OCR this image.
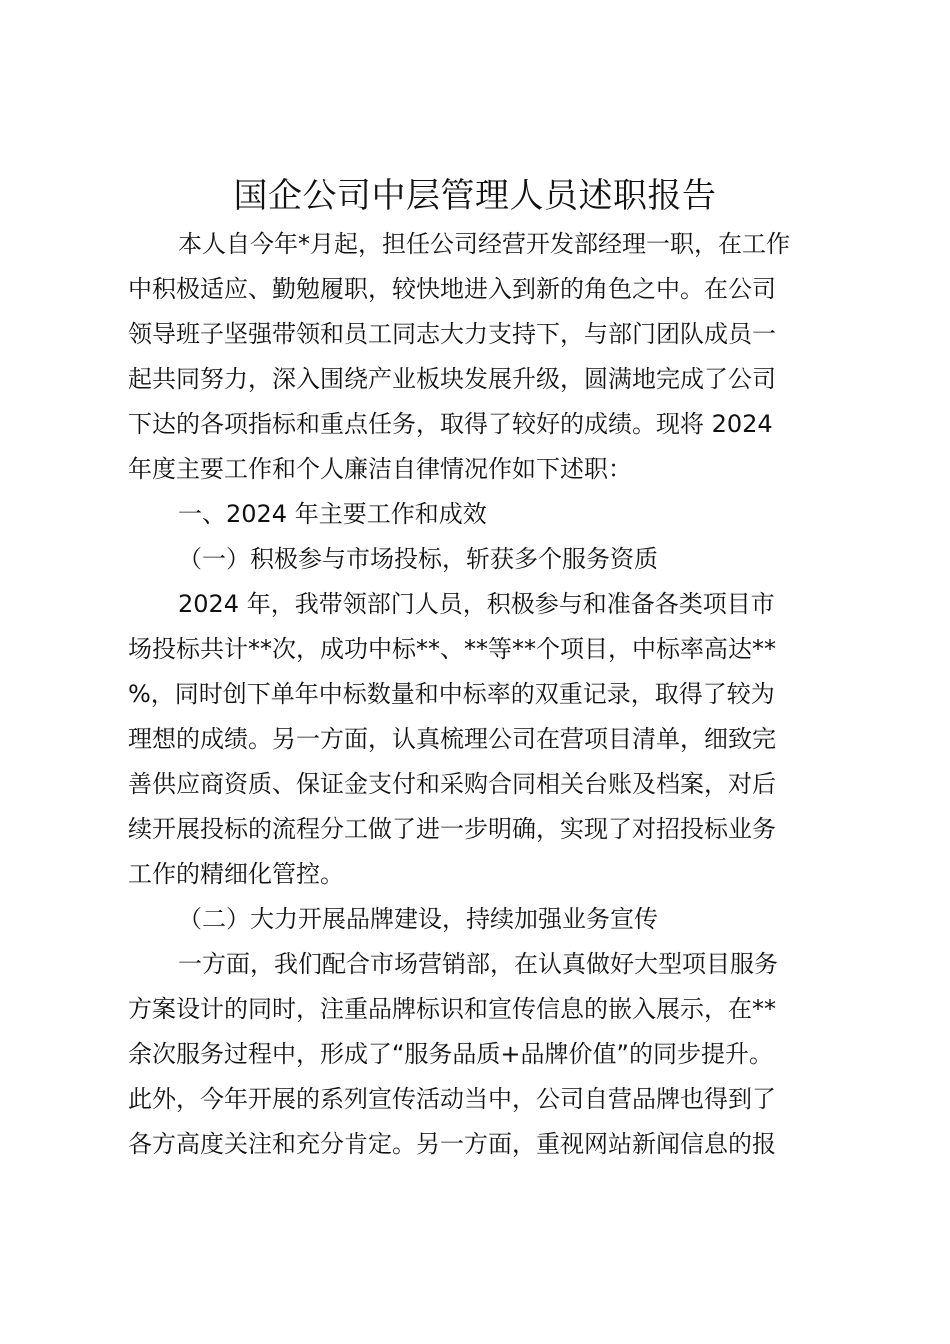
国企公司中层管理人员述职报告

本人自今年*月起，担任公司经营开发部经理一职，在工作

中积极适应、勤勉履职，较快地进入到新的角色之中。在公司

领导班子坚强带领和员工同志大力支持下，与部门团队成员一

起共同努力，深入围绕产业板块发展升级，圆满地完成了公司

下达的各项指标和重点任务，取得了较好的成绩。现将 2024

年度主要工作和个人廉洁自律情况作如下述职：

一、2024 年主要工作和成效

（一）积极参与市场投标，斩获多个服务资质

2024 年，我带领部门人员，积极参与和准备各类项目市

场投标共计**次，成功中标**、**等**个项目，中标率高达**

%，同时创下单年中标数量和中标率的双重记录，取得了较为

理想的成绩。另一方面，认真梳理公司在营项目清单，细致完

善供应商资质、保证金支付和采购合同相关台账及档案，对后

续开展投标的流程分工做了进一步明确，实现了对招投标业务

工作的精细化管控。

（二）大力开展品牌建设，持续加强业务宣传

一方面，我们配合市场营销部，在认真做好大型项目服务

方案设计的同时，注重品牌标识和宣传信息的嵌入展示，在**

余次服务过程中，形成了“服务品质+品牌价值”的同步提升。

此外，今年开展的系列宣传活动当中，公司自营品牌也得到了

各方高度关注和充分肯定。另一方面，重视网站新闻信息的报
